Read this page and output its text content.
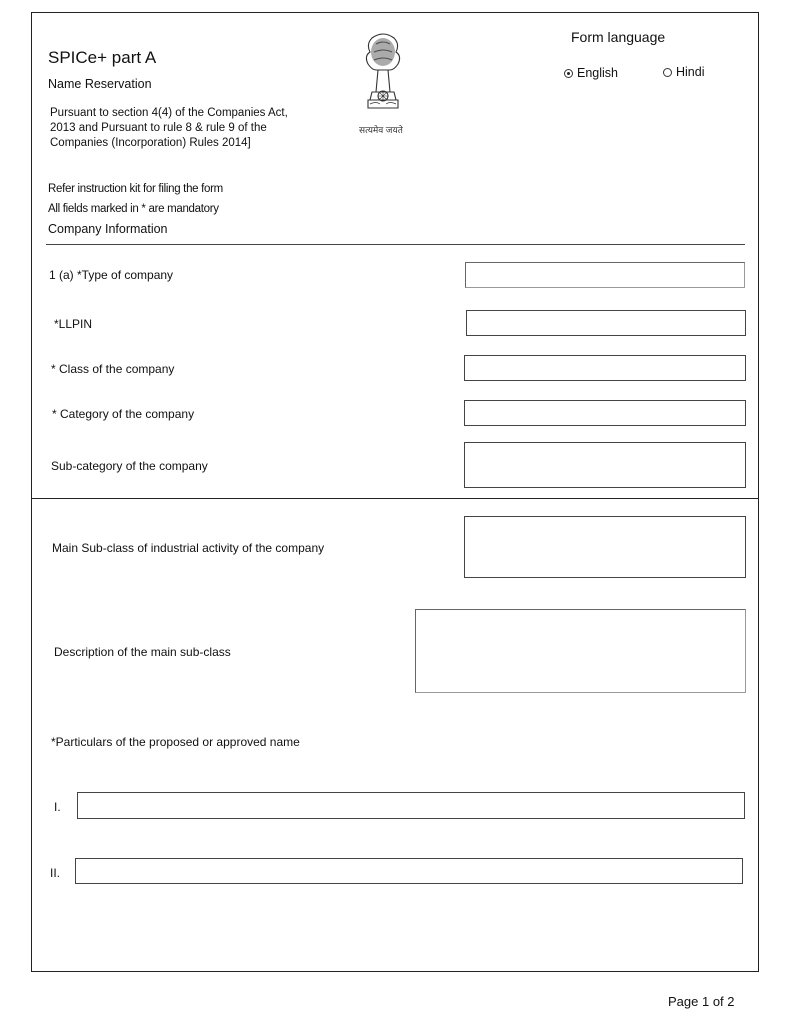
SPICe+ part A
Name Reservation
Pursuant to section 4(4) of the Companies Act,
2013 and Pursuant to rule 8 & rule 9 of the
Companies (Incorporation) Rules 2014]
सत्यमेव जयते
Form language
English	Hindi
Refer instruction kit for filing the form
All fields marked in * are mandatory
Company Information
1 (a) *Type of company
*LLPIN
* Class of the company
* Category of the company
Sub-category of the company
Main Sub-class of industrial activity of the company
Description of the main sub-class
*Particulars of the proposed or approved name
I.
II.
Page 1 of 2
